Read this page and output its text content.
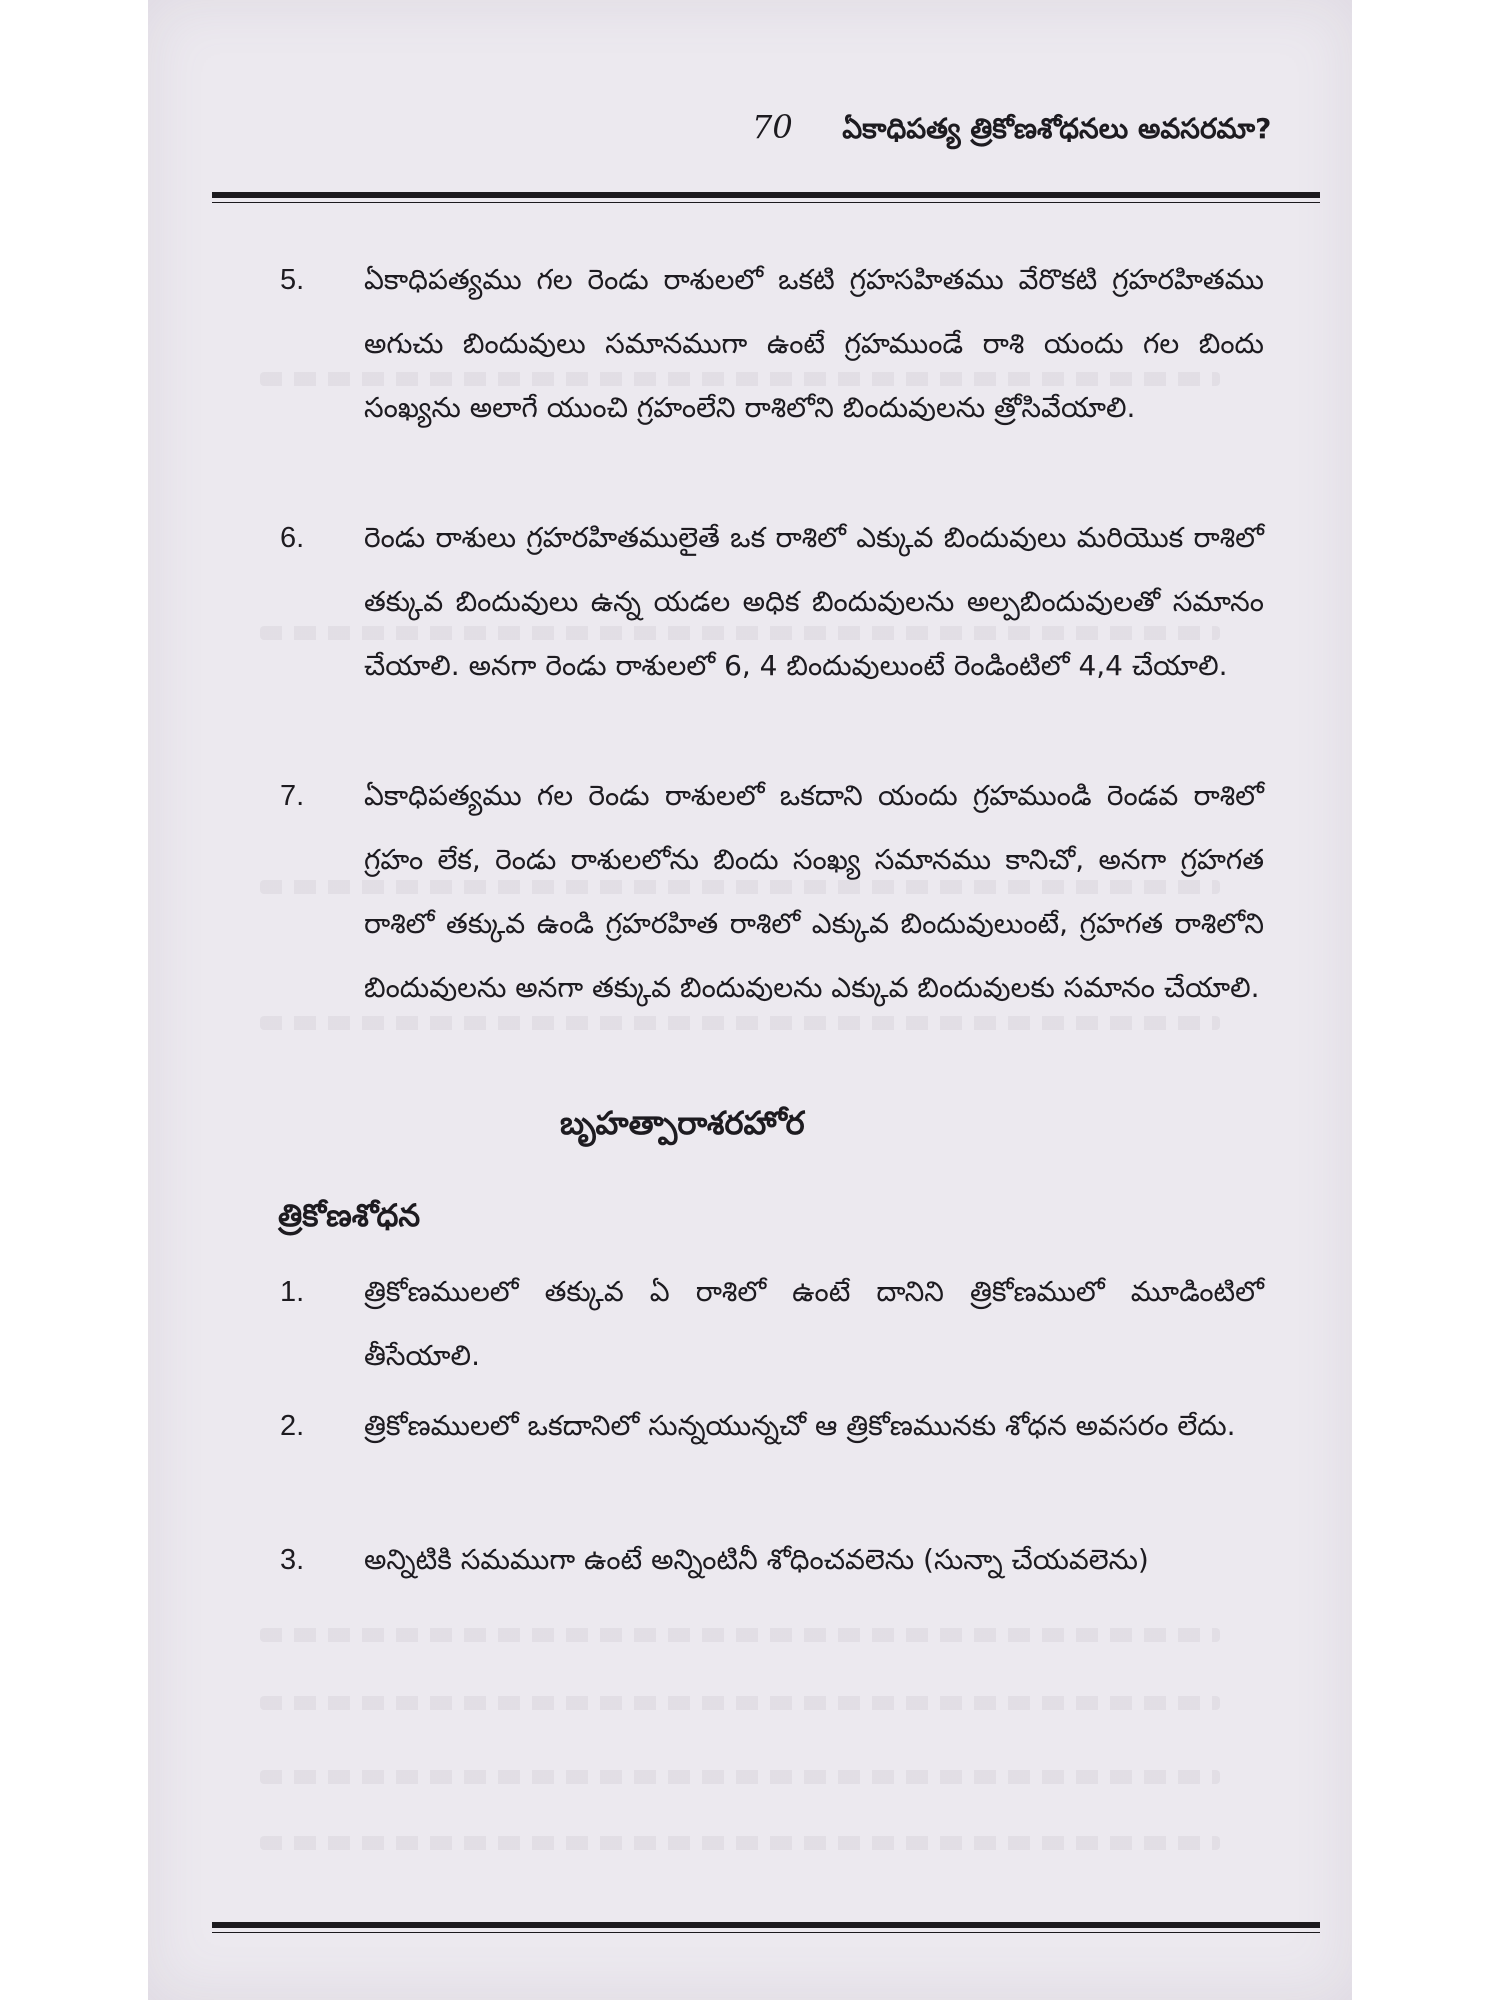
70 ఏకాధిపత్య త్రికోణశోధనలు అవసరమా?
5. ఏకాధిపత్యము గల రెండు రాశులలో ఒకటి గ్రహసహితము వేరొకటి గ్రహరహితము అగుచు బిందువులు సమానముగా ఉంటే గ్రహముండే రాశి యందు గల బిందు సంఖ్యను అలాగే యుంచి గ్రహంలేని రాశిలోని బిందువులను త్రోసివేయాలి.
6. రెండు రాశులు గ్రహరహితములైతే ఒక రాశిలో ఎక్కువ బిందువులు మరియొక రాశిలో తక్కువ బిందువులు ఉన్న యడల అధిక బిందువులను అల్పబిందువులతో సమానం చేయాలి. అనగా రెండు రాశులలో 6, 4 బిందువులుంటే రెండింటిలో 4,4 చేయాలి.
7. ఏకాధిపత్యము గల రెండు రాశులలో ఒకదాని యందు గ్రహముండి రెండవ రాశిలో గ్రహం లేక, రెండు రాశులలోను బిందు సంఖ్య సమానము కానిచో, అనగా గ్రహగత రాశిలో తక్కువ ఉండి గ్రహరహిత రాశిలో ఎక్కువ బిందువులుంటే, గ్రహగత రాశిలోని బిందువులను అనగా తక్కువ బిందువులను ఎక్కువ బిందువులకు సమానం చేయాలి.
బృహత్పారాశరహోర
త్రికోణశోధన
1. త్రికోణములలో తక్కువ ఏ రాశిలో ఉంటే దానిని త్రికోణములో మూడింటిలో తీసేయాలి.
2. త్రికోణములలో ఒకదానిలో సున్నయున్నచో ఆ త్రికోణమునకు శోధన అవసరం లేదు.
3. అన్నిటికి సమముగా ఉంటే అన్నింటినీ శోధించవలెను (సున్నా చేయవలెను)
